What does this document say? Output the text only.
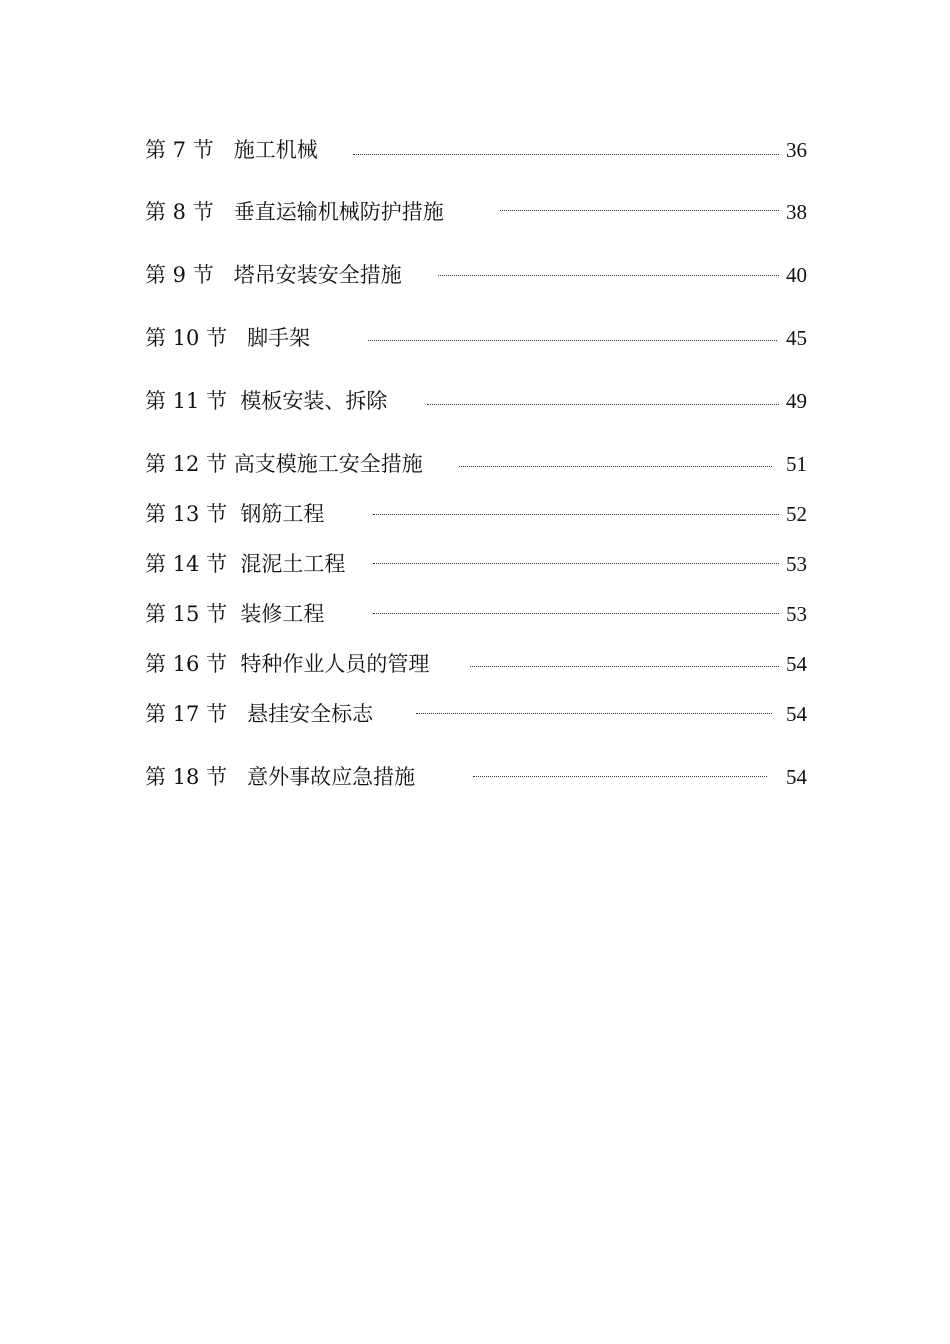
第 7 节   施工机械	36
第 8 节   垂直运输机械防护措施	38
第 9 节   塔吊安装安全措施	40
第 10 节   脚手架	45
第 11 节  模板安装、拆除	49
第 12 节 高支模施工安全措施	51
第 13 节  钢筋工程	52
第 14 节  混泥土工程	53
第 15 节  装修工程	53
第 16 节  特种作业人员的管理	54
第 17 节   悬挂安全标志	54
第 18 节   意外事故应急措施	54
